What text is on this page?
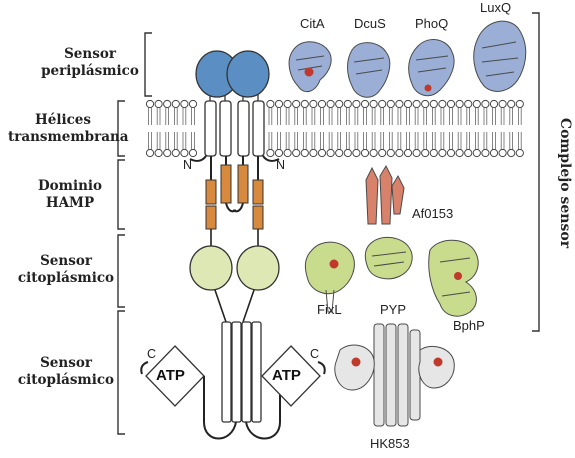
Sensor
periplásmico
Hélices
transmembrana
Dominio
HAMP
Sensor
citoplásmico
Sensor
citoplásmico
N	N
C	C
ATP	ATP
CitA DcuS PhoQ
LuxQ
Af0153
FixL	PYP
BphP
HK853
Complejo sensor
